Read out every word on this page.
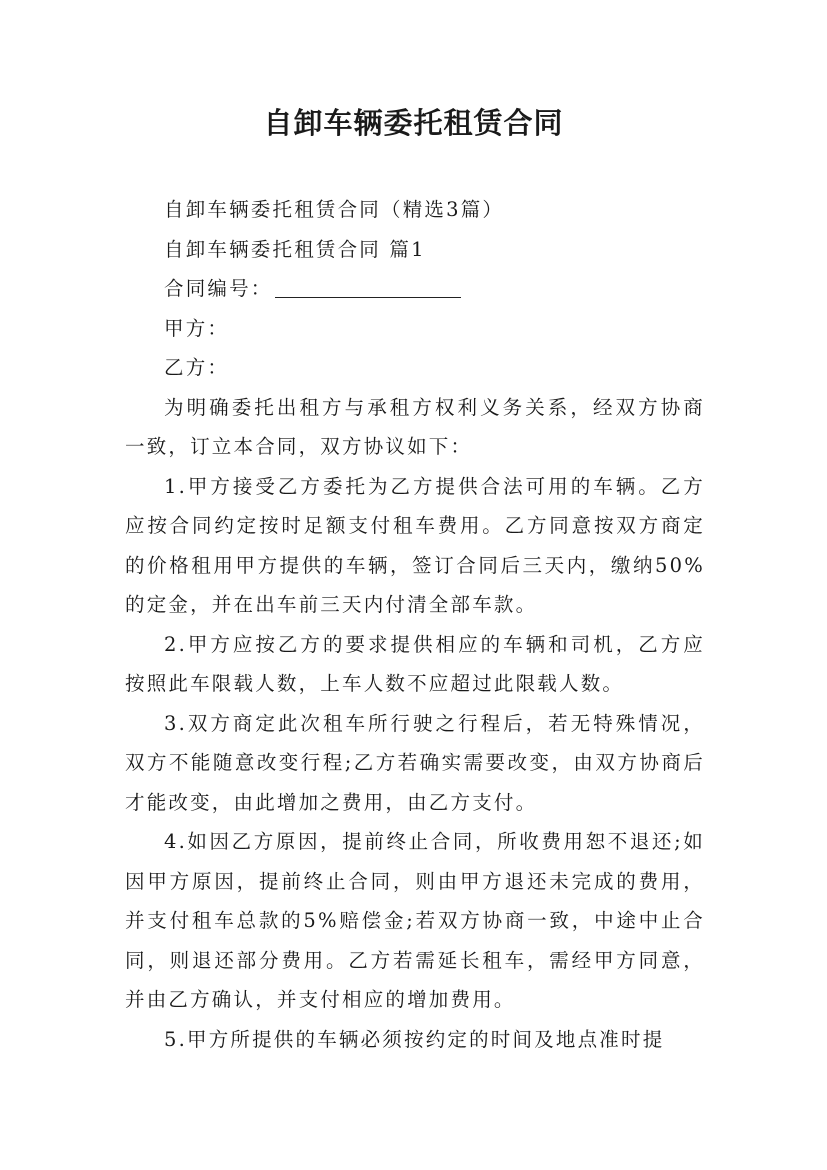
自卸车辆委托租赁合同

自卸车辆委托租赁合同（精选3篇）

自卸车辆委托租赁合同 篇1

合同编号：

甲方：

乙方：

为明确委托出租方与承租方权利义务关系，经双方协商一致，订立本合同，双方协议如下：

1.甲方接受乙方委托为乙方提供合法可用的车辆。乙方应按合同约定按时足额支付租车费用。乙方同意按双方商定的价格租用甲方提供的车辆，签订合同后三天内，缴纳50%的定金，并在出车前三天内付清全部车款。

2.甲方应按乙方的要求提供相应的车辆和司机，乙方应按照此车限载人数，上车人数不应超过此限载人数。

3.双方商定此次租车所行驶之行程后，若无特殊情况，双方不能随意改变行程;乙方若确实需要改变，由双方协商后才能改变，由此增加之费用，由乙方支付。

4.如因乙方原因，提前终止合同，所收费用恕不退还;如因甲方原因，提前终止合同，则由甲方退还未完成的费用，并支付租车总款的5%赔偿金;若双方协商一致，中途中止合同，则退还部分费用。乙方若需延长租车，需经甲方同意，并由乙方确认，并支付相应的增加费用。

5.甲方所提供的车辆必须按约定的时间及地点准时提
